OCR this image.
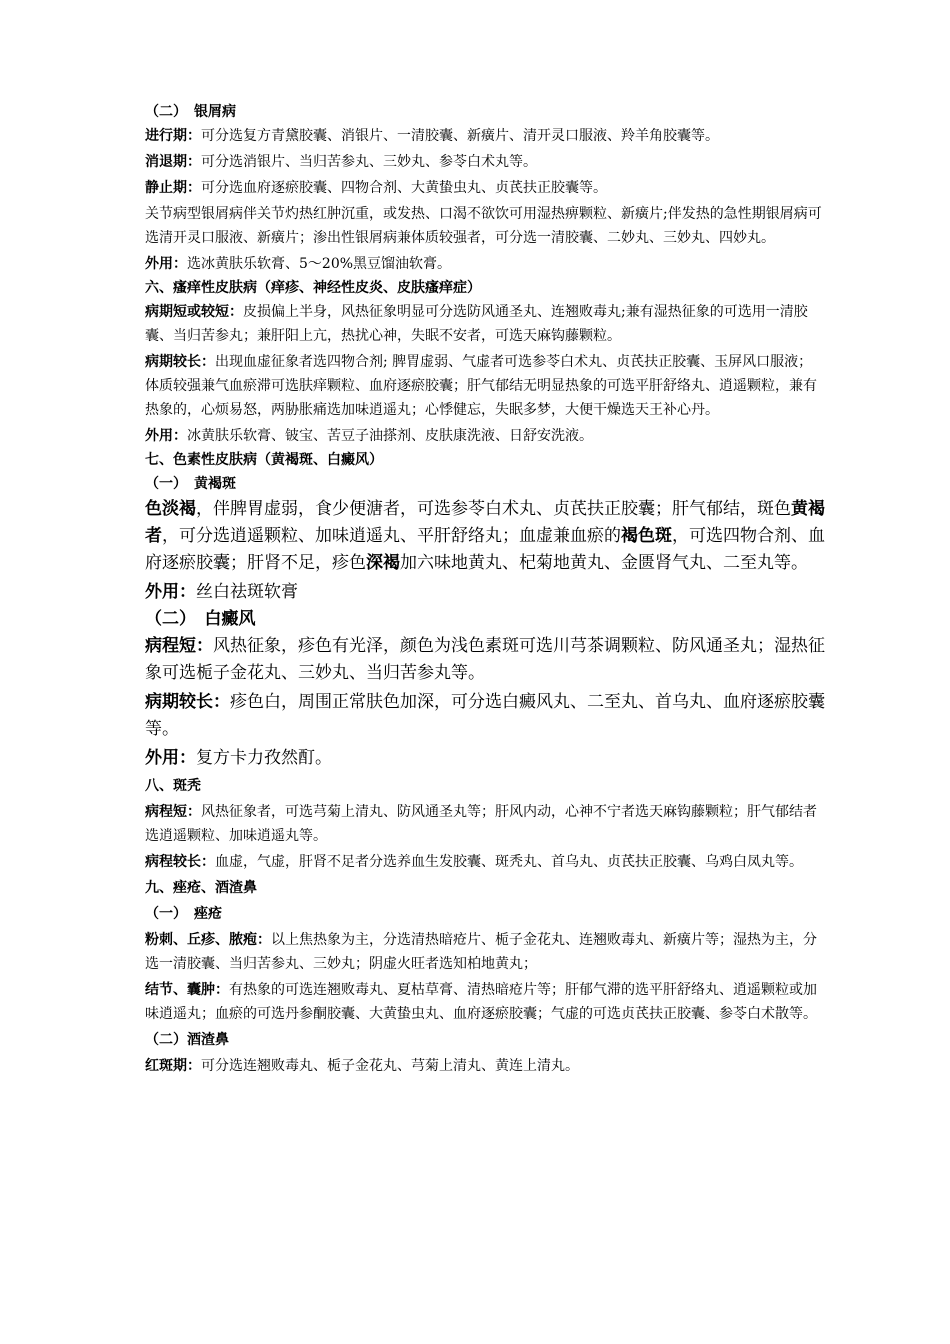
（二）　银屑病

进行期：可分选复方青黛胶囊、消银片、一清胶囊、新癀片、清开灵口服液、羚羊角胶囊等。

消退期：可分选消银片、当归苦参丸、三妙丸、参苓白术丸等。

静止期：可分选血府逐瘀胶囊、四物合剂、大黄蛰虫丸、贞芪扶正胶囊等。

关节病型银屑病伴关节灼热红肿沉重，或发热、口渴不欲饮可用湿热痹颗粒、新癀片;伴发热的急性期银屑病可选清开灵口服液、新癀片；渗出性银屑病兼体质较强者，可分选一清胶囊、二妙丸、三妙丸、四妙丸。

外用：选冰黄肤乐软膏、5～20%黑豆馏油软膏。

六、瘙痒性皮肤病（痒疹、神经性皮炎、皮肤瘙痒症）

病期短或较短：皮损偏上半身，风热征象明显可分选防风通圣丸、连翘败毒丸;兼有湿热征象的可选用一清胶囊、当归苦参丸；兼肝阳上亢，热扰心神，失眠不安者，可选天麻钩藤颗粒。

病期较长：出现血虚征象者选四物合剂; 脾胃虚弱、气虚者可选参苓白术丸、贞芪扶正胶囊、玉屏风口服液；体质较强兼气血瘀滞可选肤痒颗粒、血府逐瘀胶囊；肝气郁结无明显热象的可选平肝舒络丸、逍遥颗粒，兼有热象的，心烦易怒，两胁胀痛选加味逍遥丸；心悸健忘，失眠多梦，大便干燥选天王补心丹。

外用：冰黄肤乐软膏、铍宝、苦豆子油搽剂、皮肤康洗液、日舒安洗液。

七、色素性皮肤病（黄褐斑、白癜风）

（一）　黄褐斑

色淡褐，伴脾胃虚弱，食少便溏者，可选参苓白术丸、贞芪扶正胶囊；肝气郁结，斑色黄褐者，可分选逍遥颗粒、加味逍遥丸、平肝舒络丸；血虚兼血瘀的褐色斑，可选四物合剂、血府逐瘀胶囊；肝肾不足，疹色深褐加六味地黄丸、杞菊地黄丸、金匮肾气丸、二至丸等。

外用：丝白祛斑软膏

（二）　白癜风

病程短：风热征象，疹色有光泽，颜色为浅色素斑可选川芎茶调颗粒、防风通圣丸；湿热征象可选栀子金花丸、三妙丸、当归苦参丸等。

病期较长：疹色白，周围正常肤色加深，可分选白癜风丸、二至丸、首乌丸、血府逐瘀胶囊等。

外用：复方卡力孜然酊。

八、斑秃

病程短：风热征象者，可选芎菊上清丸、防风通圣丸等；肝风内动，心神不宁者选天麻钩藤颗粒；肝气郁结者选逍遥颗粒、加味逍遥丸等。

病程较长：血虚，气虚，肝肾不足者分选养血生发胶囊、斑秃丸、首乌丸、贞芪扶正胶囊、乌鸡白凤丸等。

九、痤疮、酒渣鼻

（一）　痤疮

粉刺、丘疹、脓疱：以上焦热象为主，分选清热暗疮片、栀子金花丸、连翘败毒丸、新癀片等；湿热为主，分选一清胶囊、当归苦参丸、三妙丸；阴虚火旺者选知柏地黄丸；

结节、囊肿：有热象的可选连翘败毒丸、夏枯草膏、清热暗疮片等；肝郁气滞的选平肝舒络丸、逍遥颗粒或加味逍遥丸；血瘀的可选丹参酮胶囊、大黄蛰虫丸、血府逐瘀胶囊；气虚的可选贞芪扶正胶囊、参苓白术散等。

（二）酒渣鼻

红斑期：可分选连翘败毒丸、栀子金花丸、芎菊上清丸、黄连上清丸。
